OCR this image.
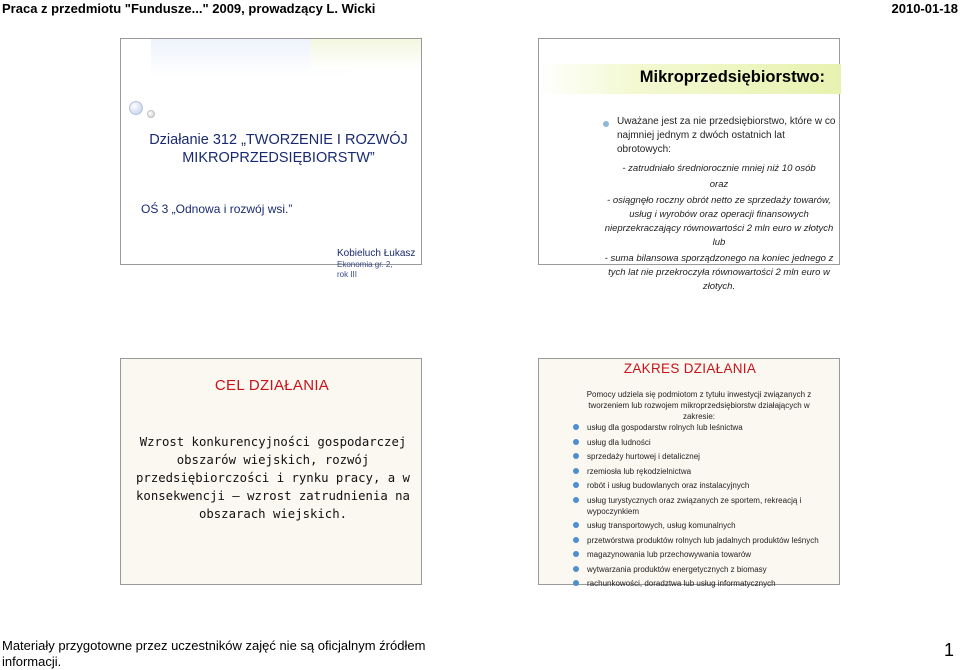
Praca z przedmiotu "Fundusze..." 2009, prowadzący L. Wicki	2010-01-18
Działanie 312 „TWORZENIE I ROZWÓJ
MIKROPRZEDSIĘBIORSTW”
OŚ 3 „Odnowa i rozwój wsi.”
Kobieluch Łukasz
Ekonomia gr. 2,
rok III
Mikroprzedsiębiorstwo:
Uważane jest za nie przedsiębiorstwo, które w co najmniej jednym z dwóch ostatnich lat obrotowych:
- zatrudniało średniorocznie mniej niż 10 osób
oraz
- osiągnęło roczny obrót netto ze sprzedaży towarów, usług i wyrobów oraz operacji finansowych nieprzekraczający równowartości 2 mln euro w złotych
lub
- suma bilansowa sporządzonego na koniec jednego z tych lat nie przekroczyła równowartości 2 mln euro w złotych.
CEL DZIAŁANIA
Wzrost konkurencyjności gospodarczej obszarów wiejskich, rozwój przedsiębiorczości i rynku pracy, a w konsekwencji – wzrost zatrudnienia na obszarach wiejskich.
ZAKRES DZIAŁANIA
Pomocy udziela się podmiotom z tytułu inwestycji związanych z tworzeniem lub rozwojem mikroprzedsiębiorstw działających w zakresie:
usług dla gospodarstw rolnych lub leśnictwa
usług dla ludności
sprzedaży hurtowej i detalicznej
rzemiosła lub rękodzielnictwa
robót i usług budowlanych oraz instalacyjnych
usług turystycznych oraz związanych ze sportem, rekreacją i wypoczynkiem
usług transportowych, usług komunalnych
przetwórstwa produktów rolnych lub jadalnych produktów leśnych
magazynowania lub przechowywania towarów
wytwarzania produktów energetycznych z biomasy
rachunkowości, doradztwa lub usług informatycznych
Materiały przygotowne przez uczestników zajęć nie są oficjalnym źródłem informacji.
1
